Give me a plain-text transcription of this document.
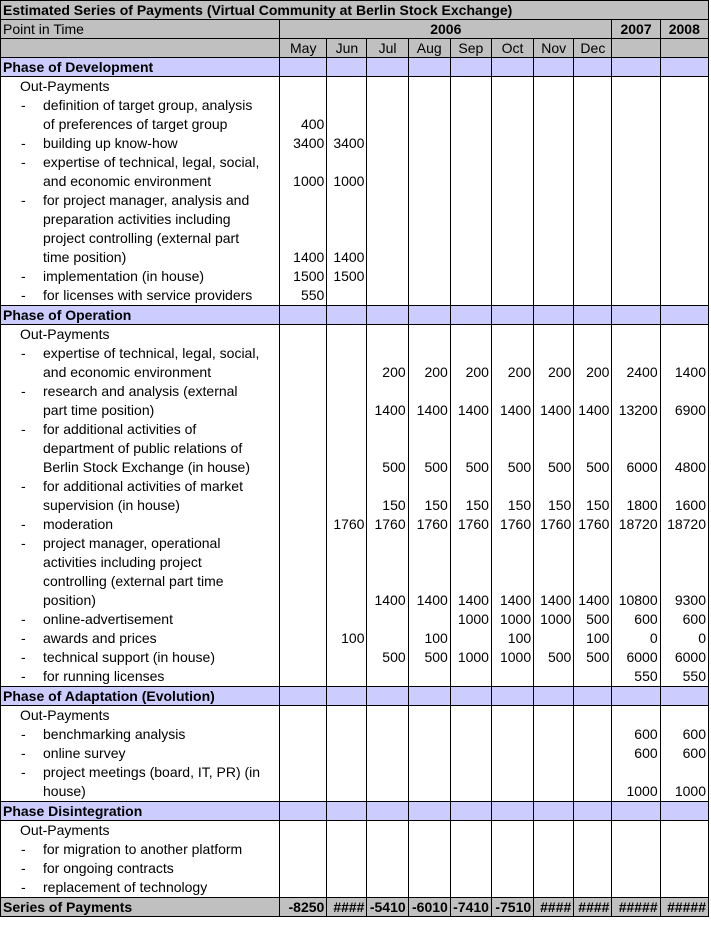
Estimated Series of Payments (Virtual Community at Berlin Stock Exchange)										
Point in Time	2006								2007	2008
	May	Jun	Jul	Aug	Sep	Oct	Nov	Dec		
Phase of Development										

Out-Payments										

- definition of target group, analysis
of preferences of target group	400									

- building up know-how	3400	3400								

- expertise of technical, legal, social,
and economic environment	1000	1000								

- for project manager, analysis and
preparation activities including
project controlling (external part
time position)	1400	1400								

- implementation (in house)	1500	1500								

- for licenses with service providers	550									
Phase of Operation										

Out-Payments										

- expertise of technical, legal, social,
and economic environment			200	200	200	200	200	200	2400	1400

- research and analysis (external
part time position)			1400	1400	1400	1400	1400	1400	13200	6900

- for additional activities of
department of public relations of
Berlin Stock Exchange (in house)			500	500	500	500	500	500	6000	4800

- for additional activities of market
supervision (in house)			150	150	150	150	150	150	1800	1600

- moderation		1760	1760	1760	1760	1760	1760	1760	18720	18720

- project manager, operational
activities including project
controlling (external part time
position)			1400	1400	1400	1400	1400	1400	10800	9300

- online-advertisement					1000	1000	1000	500	600	600

- awards and prices		100		100		100		100	0	0

- technical support (in house)			500	500	1000	1000	500	500	6000	6000

- for running licenses									550	550
Phase of Adaptation (Evolution)										

Out-Payments										

- benchmarking analysis									600	600

- online survey									600	600

- project meetings (board, IT, PR) (in
house)									1000	1000
Phase Disintegration										

Out-Payments										

- for migration to another platform										

- for ongoing contracts										

- replacement of technology										

Series of Payments	-8250	####	-5410	-6010	-7410	-7510	####	####	#####	#####
